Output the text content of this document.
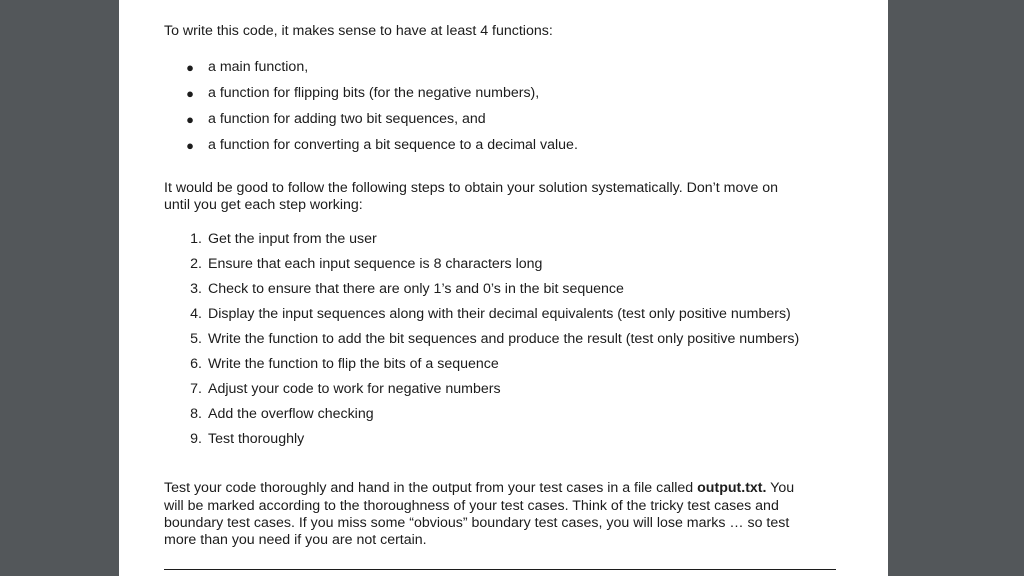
To write this code, it makes sense to have at least 4 functions:

● a main function,
● a function for flipping bits (for the negative numbers),
● a function for adding two bit sequences, and
● a function for converting a bit sequence to a decimal value.

It would be good to follow the following steps to obtain your solution systematically. Don’t move on

until you get each step working:

1. Get the input from the user
2. Ensure that each input sequence is 8 characters long
3. Check to ensure that there are only 1’s and 0’s in the bit sequence
4. Display the input sequences along with their decimal equivalents (test only positive numbers)
5. Write the function to add the bit sequences and produce the result (test only positive numbers)
6. Write the function to flip the bits of a sequence
7. Adjust your code to work for negative numbers
8. Add the overflow checking
9. Test thoroughly

Test your code thoroughly and hand in the output from your test cases in a file called output.txt. You

will be marked according to the thoroughness of your test cases. Think of the tricky test cases and

boundary test cases. If you miss some “obvious” boundary test cases, you will lose marks … so test

more than you need if you are not certain.
